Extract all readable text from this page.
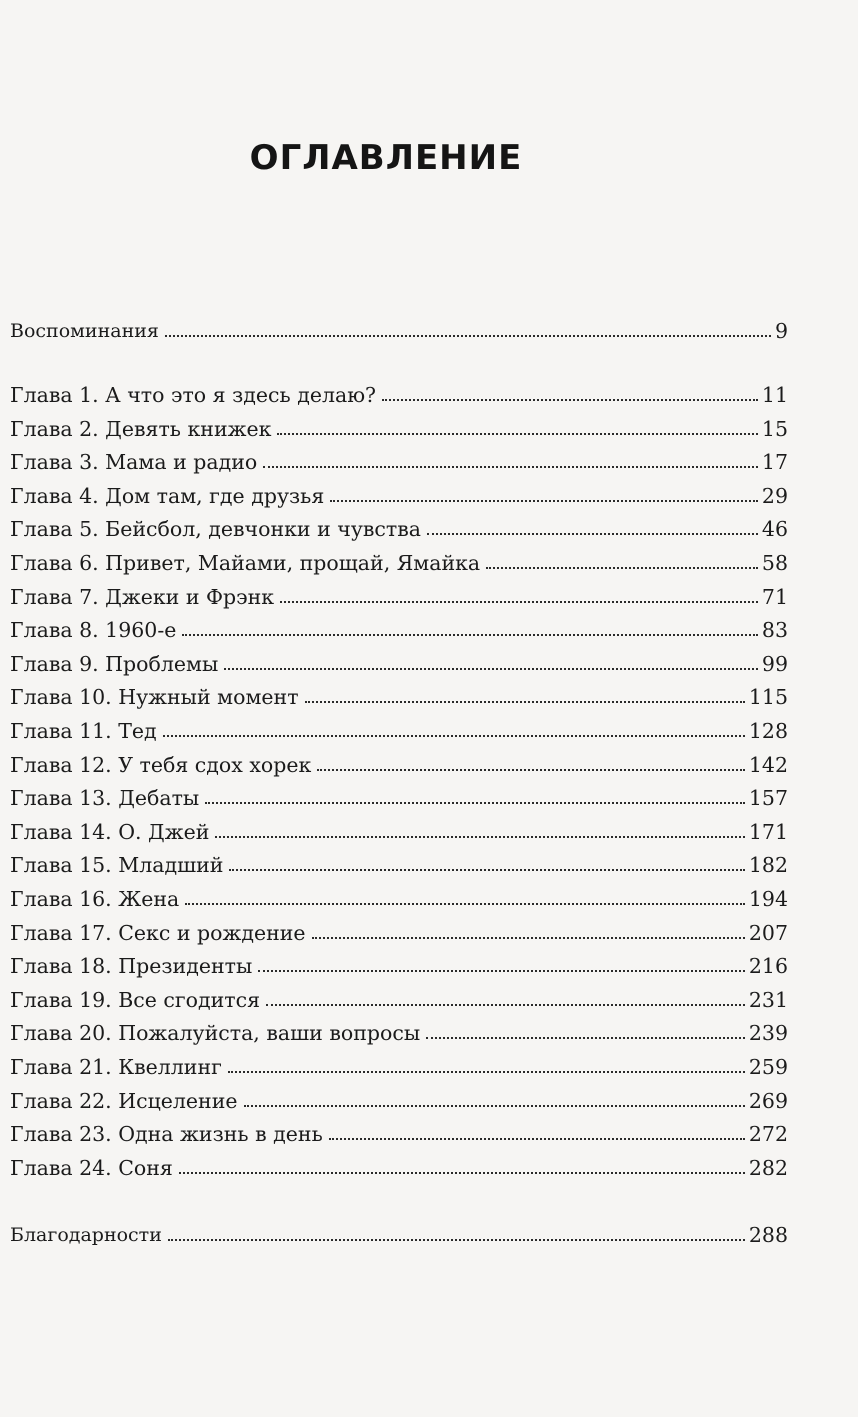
ОГЛАВЛЕНИЕ
Воспоминания	9
Глава 1. А что это я здесь делаю?	11
Глава 2. Девять книжек	15
Глава 3. Мама и радио	17
Глава 4. Дом там, где друзья	29
Глава 5. Бейсбол, девчонки и чувства	46
Глава 6. Привет, Майами, прощай, Ямайка	58
Глава 7. Джеки и Фрэнк	71
Глава 8. 1960-е	83
Глава 9. Проблемы	99
Глава 10. Нужный момент	115
Глава 11. Тед	128
Глава 12. У тебя сдох хорек	142
Глава 13. Дебаты	157
Глава 14. О. Джей	171
Глава 15. Младший	182
Глава 16. Жена	194
Глава 17. Секс и рождение	207
Глава 18. Президенты	216
Глава 19. Все сгодится	231
Глава 20. Пожалуйста, ваши вопросы	239
Глава 21. Квеллинг	259
Глава 22. Исцеление	269
Глава 23. Одна жизнь в день	272
Глава 24. Соня	282
Благодарности	288
